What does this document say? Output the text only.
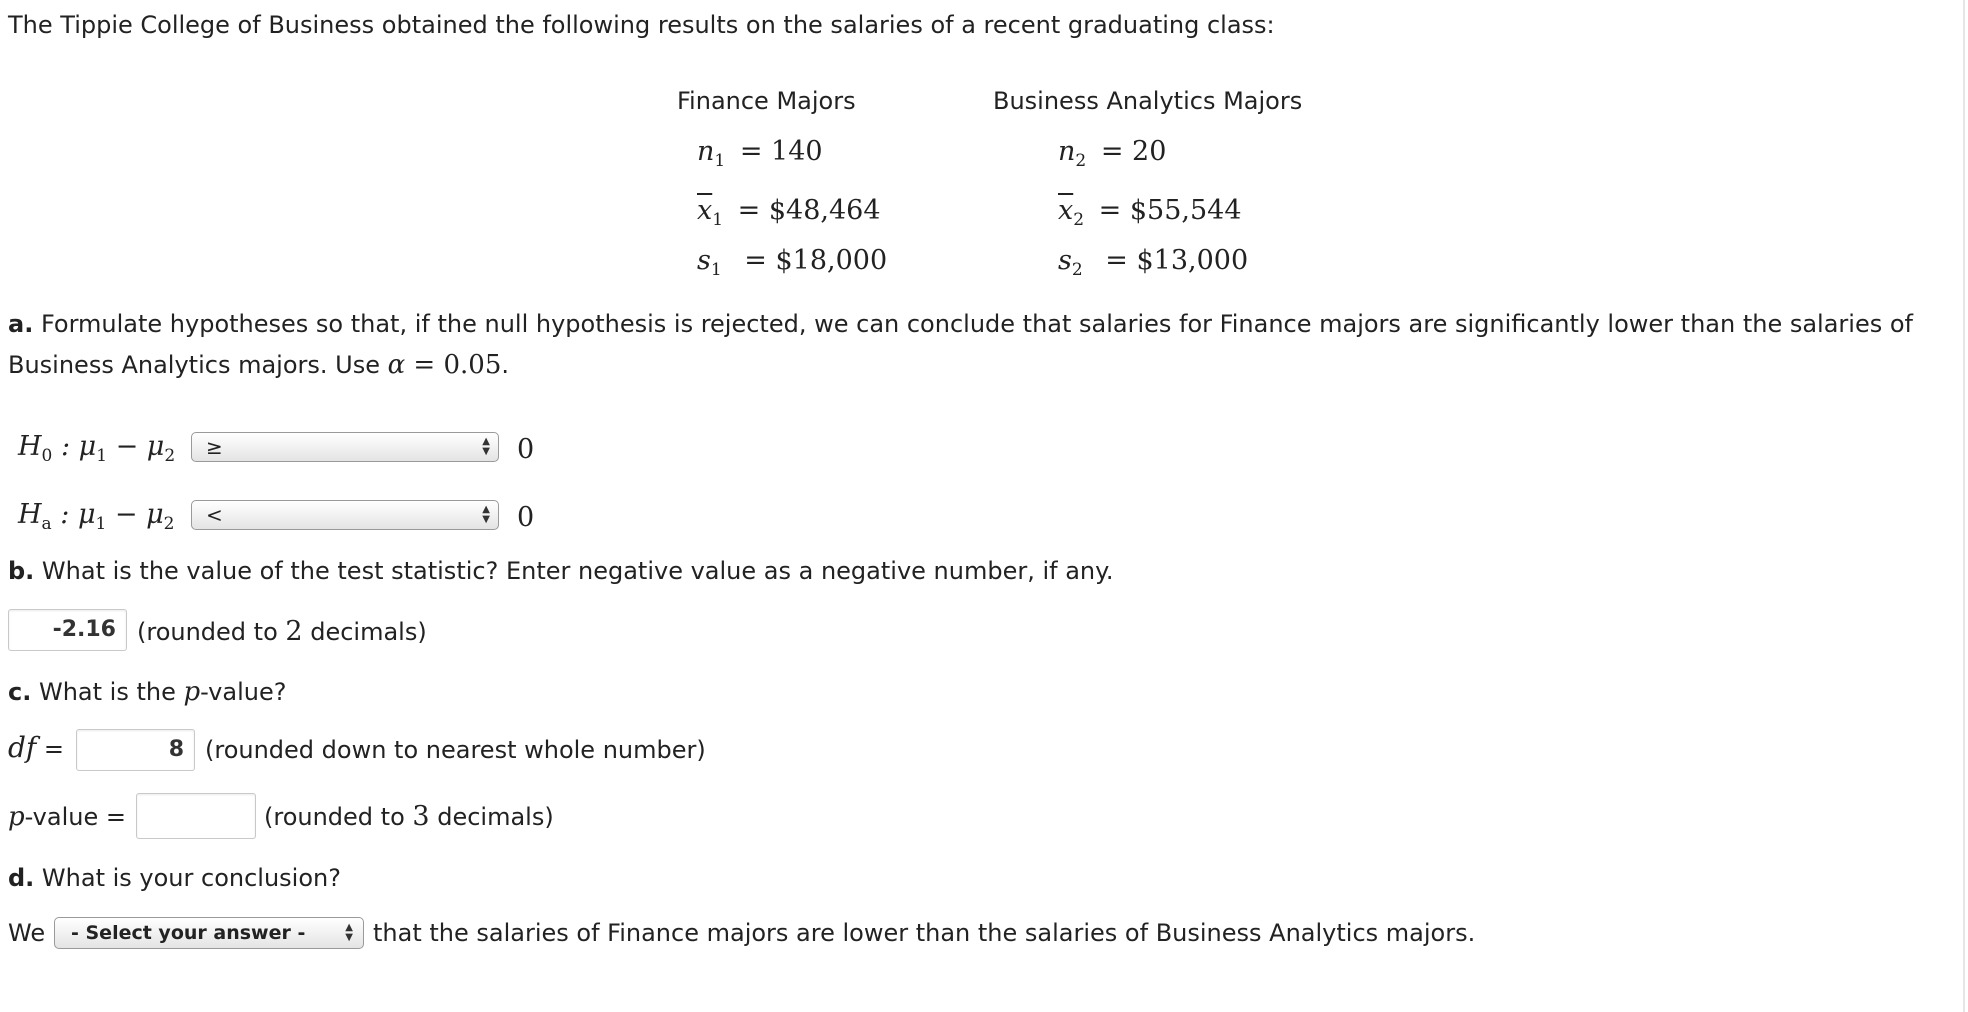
The Tippie College of Business obtained the following results on the salaries of a recent graduating class:
Finance Majors	Business Analytics Majors
$n_1 = 140$	$n_2 = 20$
$\overline{x}_1$ = $48,464	$\overline{x}_2$ = $55,544
$s_1$ = $18,000	$s_2$ = $13,000
a. Formulate hypotheses so that, if the null hypothesis is rejected, we can conclude that salaries for Finance majors are significantly lower than the salaries of
Business Analytics majors. Use α = 0.05.
$H_0$ : $\mu_1 - \mu_2$ ≥	▲
▼ 0
$H_a$ : $\mu_1 - \mu_2$ <	▲
▼ 0
b. What is the value of the test statistic? Enter negative value as a negative number, if any.
-2.16 (rounded to 2 decimals)
c. What is the p-value?
df =	8 (rounded down to nearest whole number)
p-value =	(rounded to 3 decimals)
d. What is your conclusion?
We - Select your answer -	▲
▼ that the salaries of Finance majors are lower than the salaries of Business Analytics majors.
